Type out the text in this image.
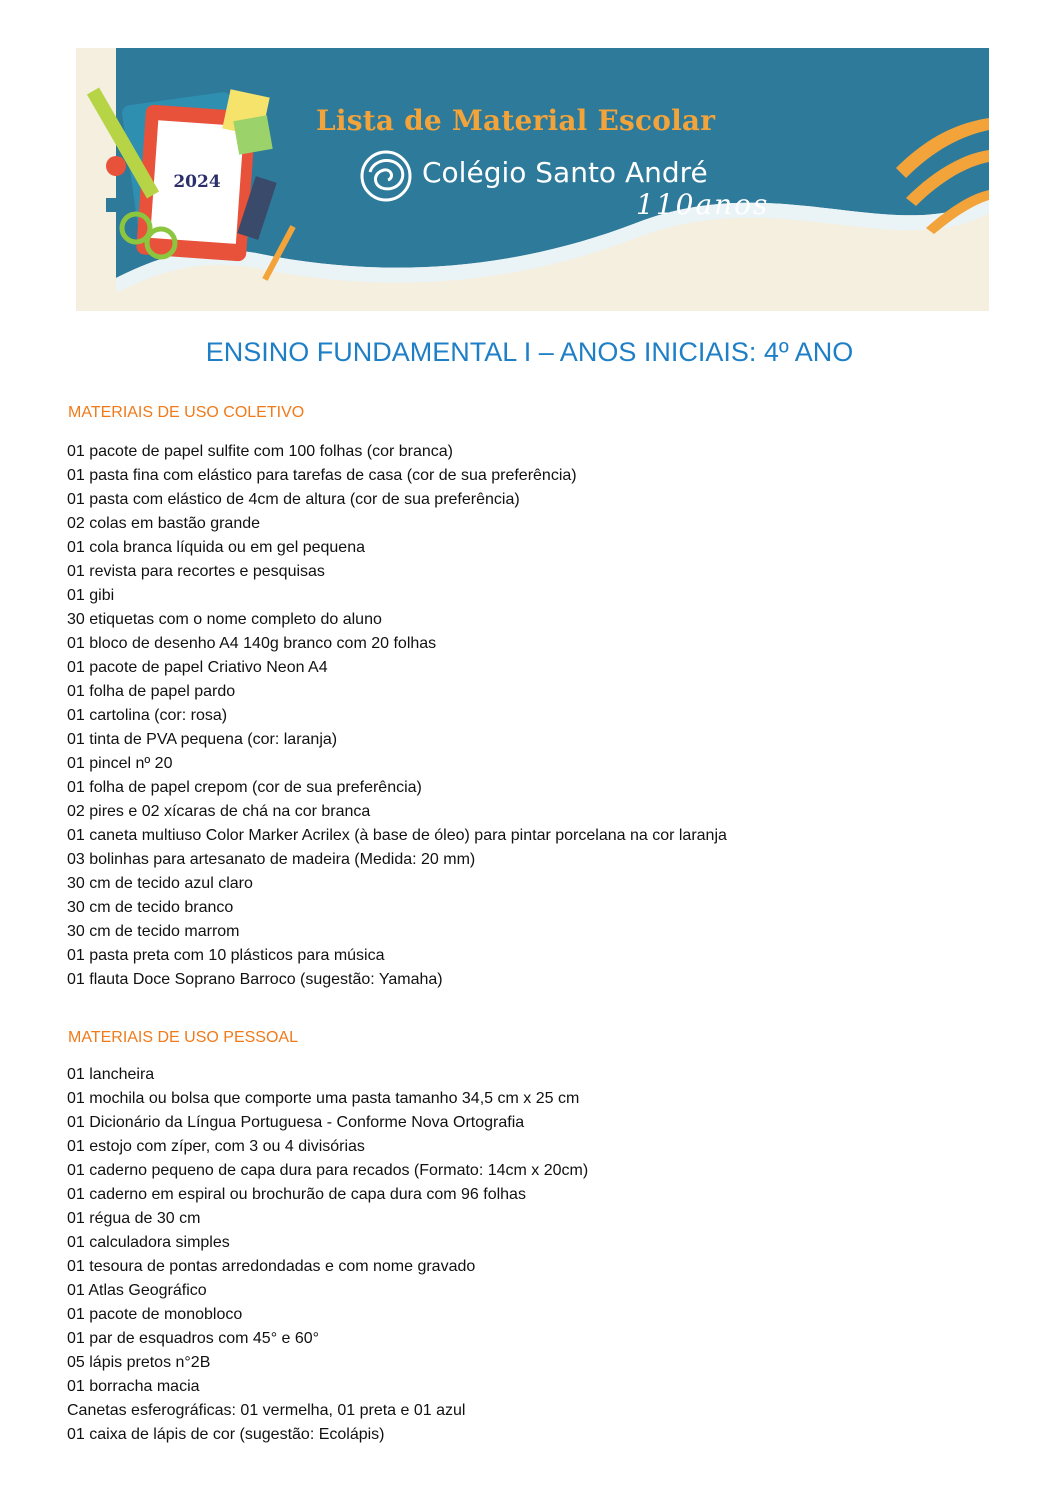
Lista de Material Escolar
Colégio Santo André
110anos
2024
ENSINO FUNDAMENTAL I – ANOS INICIAIS: 4º ANO
MATERIAIS DE USO COLETIVO
01 pacote de papel sulfite com 100 folhas (cor branca)
01 pasta fina com elástico para tarefas de casa (cor de sua preferência)
01 pasta com elástico de 4cm de altura (cor de sua preferência)
02 colas em bastão grande
01 cola branca líquida ou em gel pequena
01 revista para recortes e pesquisas
01 gibi
30 etiquetas com o nome completo do aluno
01 bloco de desenho A4 140g branco com 20 folhas
01 pacote de papel Criativo Neon A4
01 folha de papel pardo
01 cartolina (cor: rosa)
01 tinta de PVA pequena (cor: laranja)
01 pincel nº 20
01 folha de papel crepom (cor de sua preferência)
02 pires e 02 xícaras de chá na cor branca
01 caneta multiuso Color Marker Acrilex (à base de óleo) para pintar porcelana na cor laranja
03 bolinhas para artesanato de madeira (Medida: 20 mm)
30 cm de tecido azul claro
30 cm de tecido branco
30 cm de tecido marrom
01 pasta preta com 10 plásticos para música
01 flauta Doce Soprano Barroco (sugestão: Yamaha)
MATERIAIS DE USO PESSOAL
01 lancheira
01 mochila ou bolsa que comporte uma pasta tamanho 34,5 cm x 25 cm
01 Dicionário da Língua Portuguesa - Conforme Nova Ortografia
01 estojo com zíper, com 3 ou 4 divisórias
01 caderno pequeno de capa dura para recados (Formato: 14cm x 20cm)
01 caderno em espiral ou brochurão de capa dura com 96 folhas
01 régua de 30 cm
01 calculadora simples
01 tesoura de pontas arredondadas e com nome gravado
01 Atlas Geográfico
01 pacote de monobloco
01 par de esquadros com 45° e 60°
05 lápis pretos n°2B
01 borracha macia
Canetas esferográficas: 01 vermelha, 01 preta e 01 azul
01 caixa de lápis de cor (sugestão: Ecolápis)
